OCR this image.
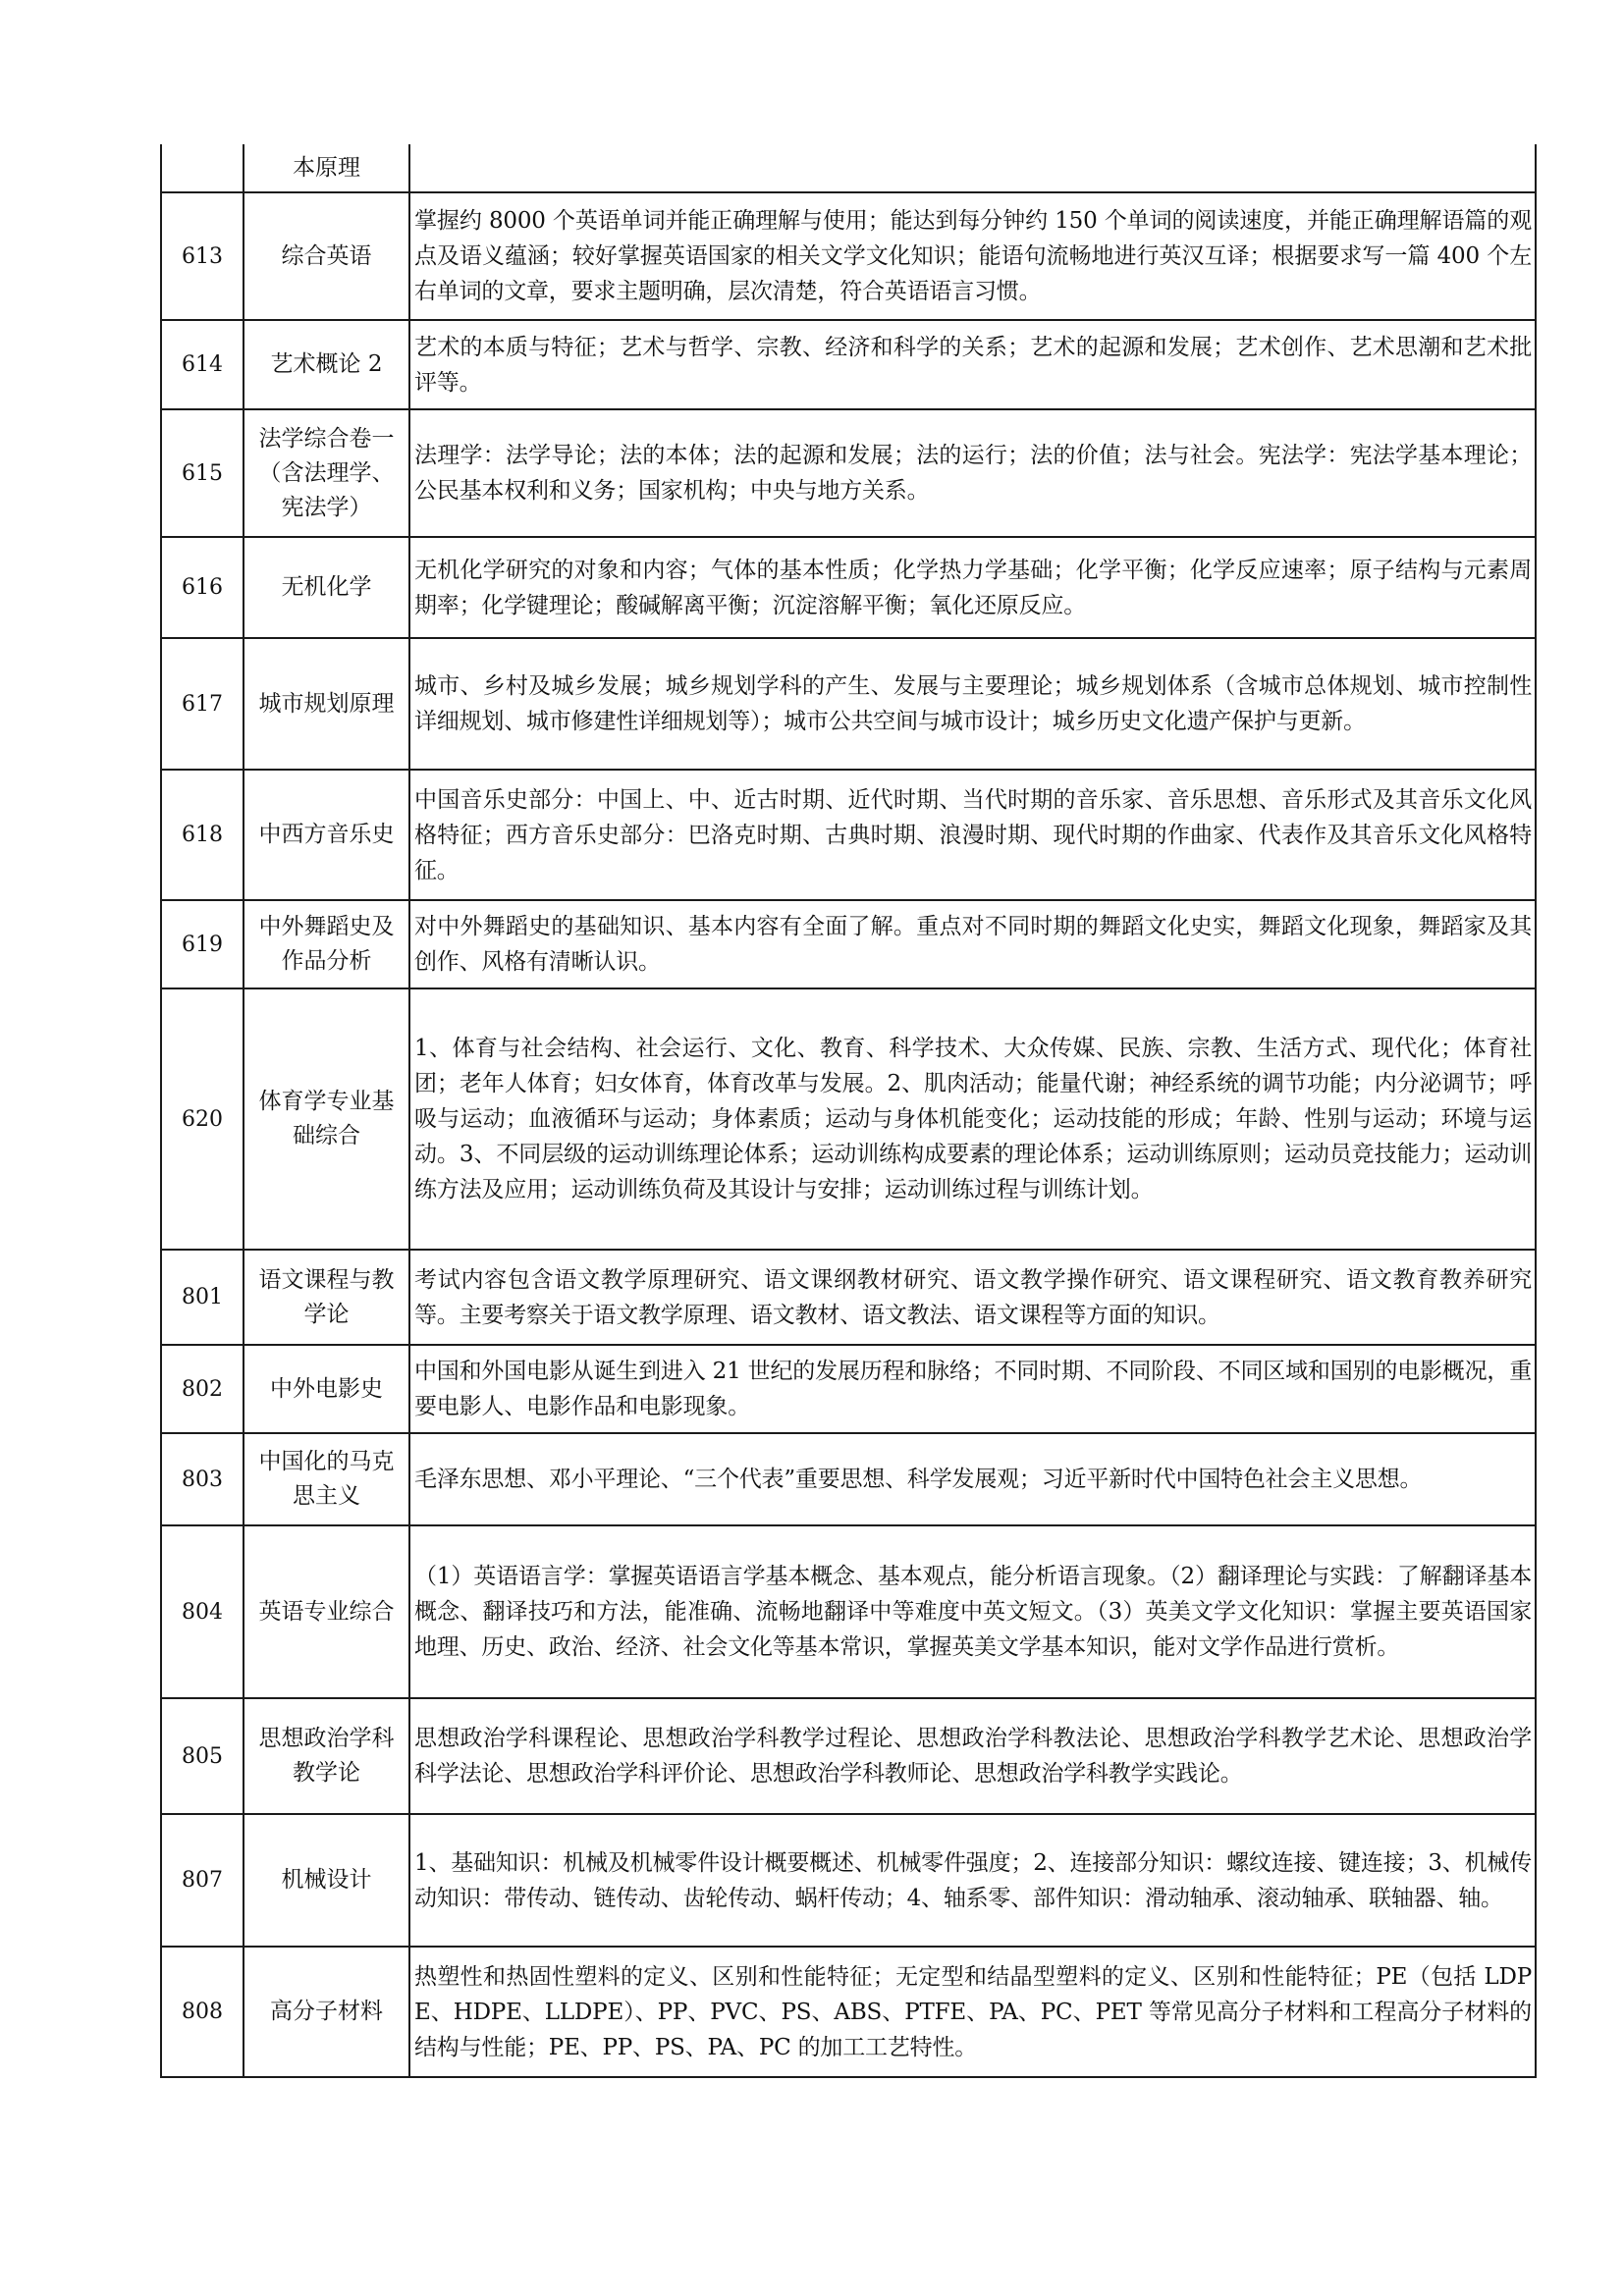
	本原理	
613	综合英语	掌握约 8000 个英语单词并能正确理解与使用；能达到每分钟约 150 个单词的阅读速度，并能正确理解语篇的观点及语义蕴涵；较好掌握英语国家的相关文学文化知识；能语句流畅地进行英汉互译；根据要求写一篇 400 个左右单词的文章，要求主题明确，层次清楚，符合英语语言习惯。
614	艺术概论 2	艺术的本质与特征；艺术与哲学、宗教、经济和科学的关系；艺术的起源和发展；艺术创作、艺术思潮和艺术批评等。
615	法学综合卷一（含法理学、宪法学）	法理学：法学导论；法的本体；法的起源和发展；法的运行；法的价值；法与社会。宪法学：宪法学基本理论；公民基本权利和义务；国家机构；中央与地方关系。
616	无机化学	无机化学研究的对象和内容；气体的基本性质；化学热力学基础；化学平衡；化学反应速率；原子结构与元素周期率；化学键理论；酸碱解离平衡；沉淀溶解平衡；氧化还原反应。
617	城市规划原理	城市、乡村及城乡发展；城乡规划学科的产生、发展与主要理论；城乡规划体系（含城市总体规划、城市控制性详细规划、城市修建性详细规划等）；城市公共空间与城市设计；城乡历史文化遗产保护与更新。
618	中西方音乐史	中国音乐史部分：中国上、中、近古时期、近代时期、当代时期的音乐家、音乐思想、音乐形式及其音乐文化风格特征；西方音乐史部分：巴洛克时期、古典时期、浪漫时期、现代时期的作曲家、代表作及其音乐文化风格特征。
619	中外舞蹈史及作品分析	对中外舞蹈史的基础知识、基本内容有全面了解。重点对不同时期的舞蹈文化史实，舞蹈文化现象，舞蹈家及其创作、风格有清晰认识。
620	体育学专业基础综合	1、体育与社会结构、社会运行、文化、教育、科学技术、大众传媒、民族、宗教、生活方式、现代化；体育社团；老年人体育；妇女体育，体育改革与发展。2、肌肉活动；能量代谢；神经系统的调节功能；内分泌调节；呼吸与运动；血液循环与运动；身体素质；运动与身体机能变化；运动技能的形成；年龄、性别与运动；环境与运动。3、不同层级的运动训练理论体系；运动训练构成要素的理论体系；运动训练原则；运动员竞技能力；运动训练方法及应用；运动训练负荷及其设计与安排；运动训练过程与训练计划。
801	语文课程与教学论	考试内容包含语文教学原理研究、语文课纲教材研究、语文教学操作研究、语文课程研究、语文教育教养研究等。主要考察关于语文教学原理、语文教材、语文教法、语文课程等方面的知识。
802	中外电影史	中国和外国电影从诞生到进入 21 世纪的发展历程和脉络；不同时期、不同阶段、不同区域和国别的电影概况，重要电影人、电影作品和电影现象。
803	中国化的马克思主义	毛泽东思想、邓小平理论、“三个代表”重要思想、科学发展观；习近平新时代中国特色社会主义思想。
804	英语专业综合	（1）英语语言学：掌握英语语言学基本概念、基本观点，能分析语言现象。（2）翻译理论与实践：了解翻译基本概念、翻译技巧和方法，能准确、流畅地翻译中等难度中英文短文。（3）英美文学文化知识：掌握主要英语国家地理、历史、政治、经济、社会文化等基本常识，掌握英美文学基本知识，能对文学作品进行赏析。
805	思想政治学科教学论	思想政治学科课程论、思想政治学科教学过程论、思想政治学科教法论、思想政治学科教学艺术论、思想政治学科学法论、思想政治学科评价论、思想政治学科教师论、思想政治学科教学实践论。
807	机械设计	1、基础知识：机械及机械零件设计概要概述、机械零件强度；2、连接部分知识：螺纹连接、键连接；3、机械传动知识：带传动、链传动、齿轮传动、蜗杆传动；4、轴系零、部件知识：滑动轴承、滚动轴承、联轴器、轴。
808	高分子材料	热塑性和热固性塑料的定义、区别和性能特征；无定型和结晶型塑料的定义、区别和性能特征；PE（包括 LDPE、HDPE、LLDPE）、PP、PVC、PS、ABS、PTFE、PA、PC、PET 等常见高分子材料和工程高分子材料的结构与性能；PE、PP、PS、PA、PC 的加工工艺特性。
